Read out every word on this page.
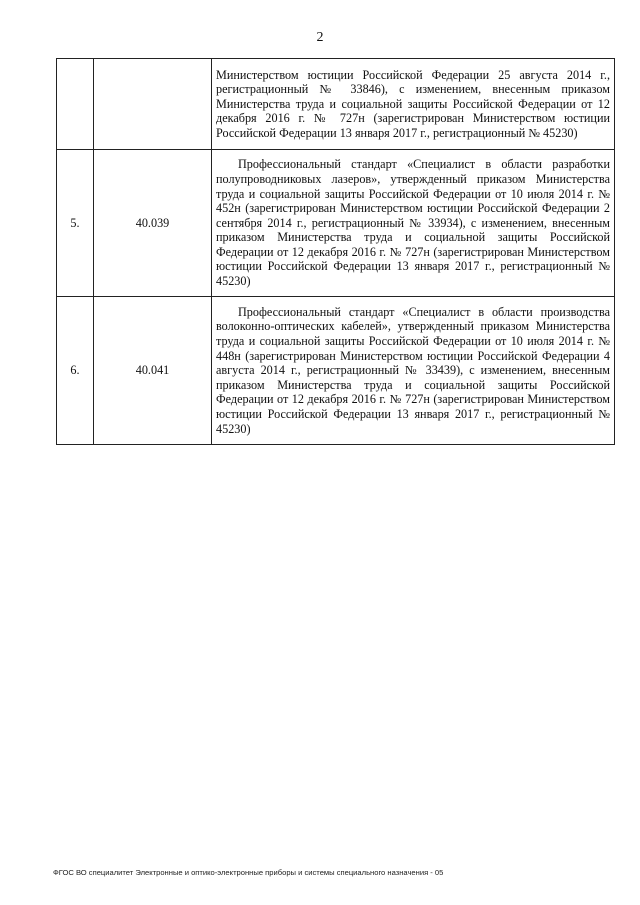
2
		Министерством юстиции Российской Федерации 25 августа 2014 г., регистрационный № 33846), с изменением, внесенным приказом Министерства труда и социальной защиты Российской Федерации от 12 декабря 2016 г. № 727н (зарегистрирован Министерством юстиции Российской Федерации 13 января 2017 г., регистрационный № 45230)
5.	40.039	Профессиональный стандарт «Специалист в области разработки полупроводниковых лазеров», утвержденный приказом Министерства труда и социальной защиты Российской Федерации от 10 июля 2014 г. № 452н (зарегистрирован Министерством юстиции Российской Федерации 2 сентября 2014 г., регистрационный № 33934), с изменением, внесенным приказом Министерства труда и социальной защиты Российской Федерации от 12 декабря 2016 г. № 727н (зарегистрирован Министерством юстиции Российской Федерации 13 января 2017 г., регистрационный № 45230)

6.	40.041	Профессиональный стандарт «Специалист в области производства волоконно-оптических кабелей», утвержденный приказом Министерства труда и социальной защиты Российской Федерации от 10 июля 2014 г. № 448н (зарегистрирован Министерством юстиции Российской Федерации 4 августа 2014 г., регистрационный № 33439), с изменением, внесенным приказом Министерства труда и социальной защиты Российской Федерации от 12 декабря 2016 г. № 727н (зарегистрирован Министерством юстиции Российской Федерации 13 января 2017 г., регистрационный № 45230)
ФГОС ВО специалитет Электронные и оптико-электронные приборы и системы специального назначения - 05
